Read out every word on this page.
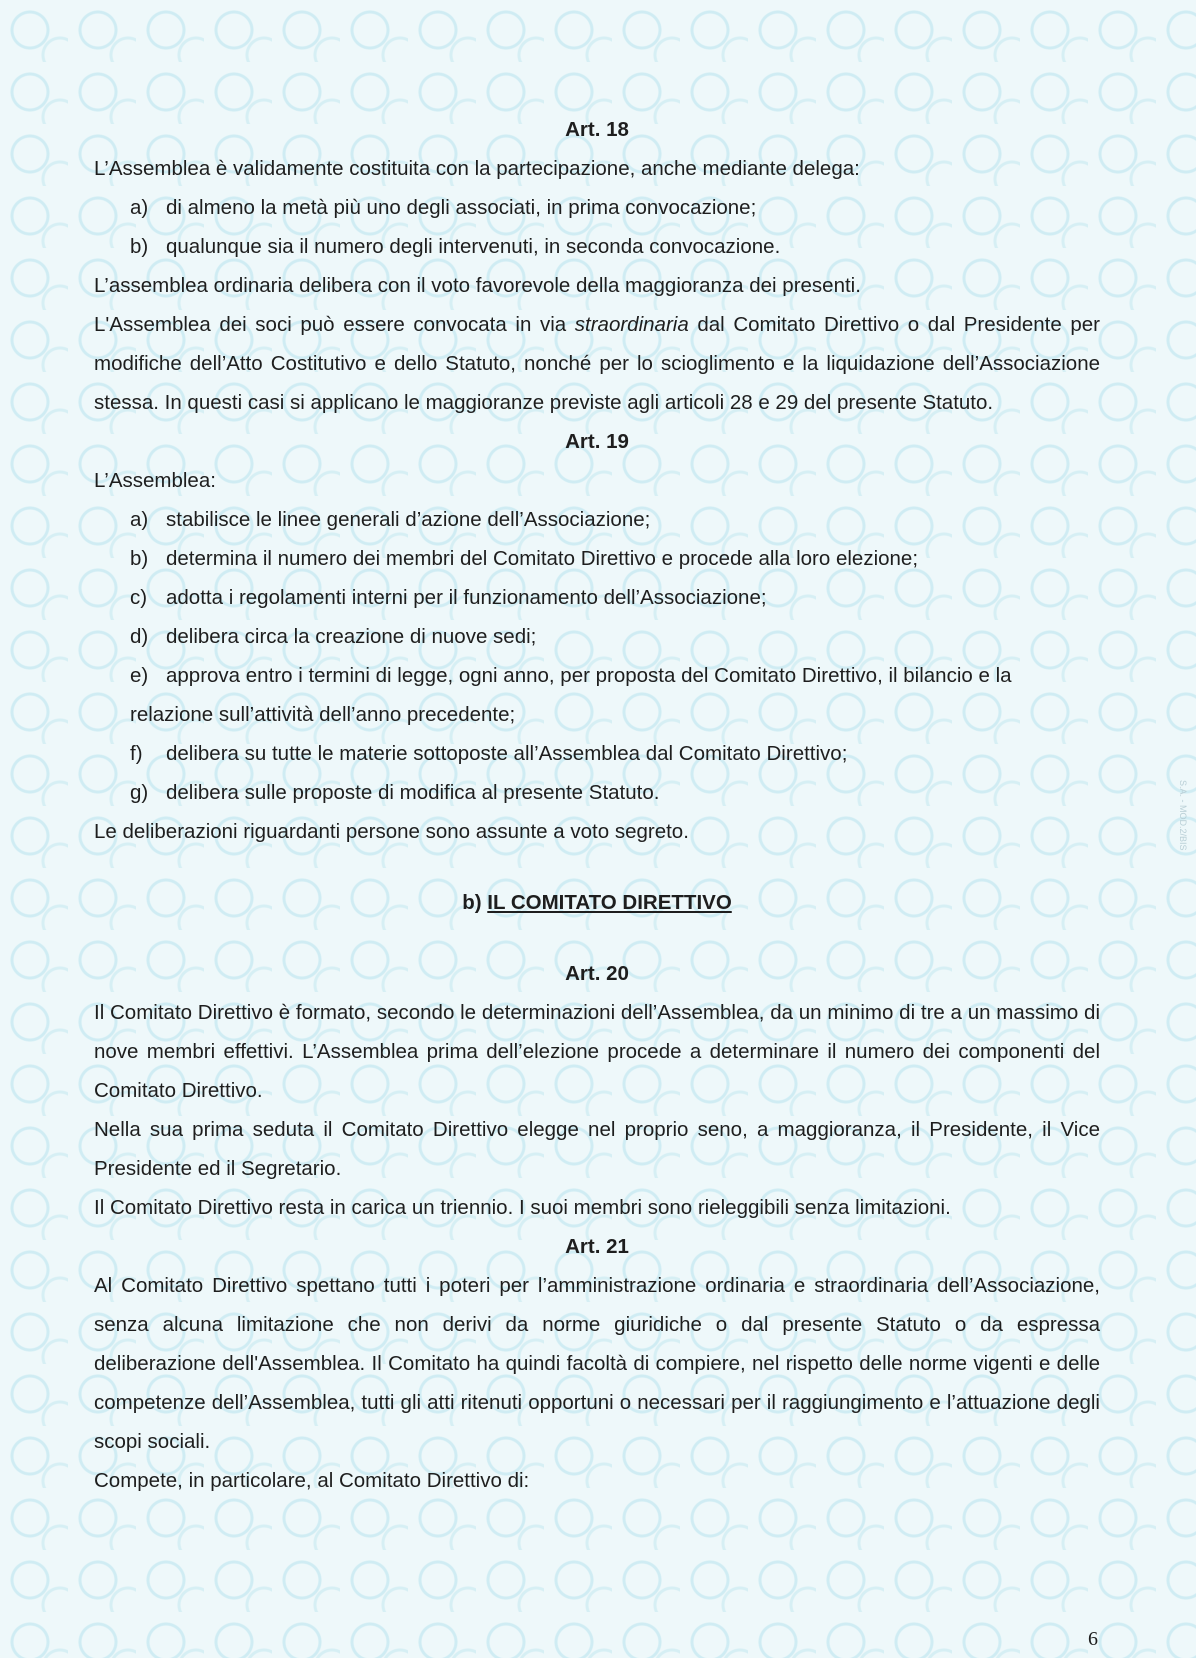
Art. 18

L’Assemblea è validamente costituita con la partecipazione, anche mediante delega:

a) di almeno la metà più uno degli associati, in prima convocazione;

b) qualunque sia il numero degli intervenuti, in seconda convocazione.

L’assemblea ordinaria delibera con il voto favorevole della maggioranza dei presenti.

L'Assemblea dei soci può essere convocata in via straordinaria dal Comitato Direttivo o dal Presidente per modifiche dell’Atto Costitutivo e dello Statuto, nonché per lo scioglimento e la liquidazione dell’Associazione stessa. In questi casi si applicano le maggioranze previste agli articoli 28 e 29 del presente Statuto.

Art. 19

L’Assemblea:

a) stabilisce le linee generali d’azione dell’Associazione;

b) determina il numero dei membri del Comitato Direttivo e procede alla loro elezione;

c) adotta i regolamenti interni per il funzionamento dell’Associazione;

d) delibera circa la creazione di nuove sedi;

e) approva entro i termini di legge, ogni anno, per proposta del Comitato Direttivo, il bilancio e la relazione sull’attività dell’anno precedente;

f) delibera su tutte le materie sottoposte all’Assemblea dal Comitato Direttivo;

g) delibera sulle proposte di modifica al presente Statuto.

Le deliberazioni riguardanti persone sono assunte a voto segreto.

b) IL COMITATO DIRETTIVO

Art. 20

Il Comitato Direttivo è formato, secondo le determinazioni dell’Assemblea, da un minimo di tre a un massimo di nove membri effettivi. L’Assemblea prima dell’elezione procede a determinare il numero dei componenti del Comitato Direttivo.

Nella sua prima seduta il Comitato Direttivo elegge nel proprio seno, a maggioranza, il Presidente, il Vice Presidente ed il Segretario.

Il Comitato Direttivo resta in carica un triennio. I suoi membri sono rieleggibili senza limitazioni.

Art. 21

Al Comitato Direttivo spettano tutti i poteri per l’amministrazione ordinaria e straordinaria dell’Associazione, senza alcuna limitazione che non derivi da norme giuridiche o dal presente Statuto o da espressa deliberazione dell'Assemblea. Il Comitato ha quindi facoltà di compiere, nel rispetto delle norme vigenti e delle competenze dell’Assemblea, tutti gli atti ritenuti opportuni o necessari per il raggiungimento e l’attuazione degli scopi sociali.

Compete, in particolare, al Comitato Direttivo di:

S.A. - MOD.2/BIS
6
